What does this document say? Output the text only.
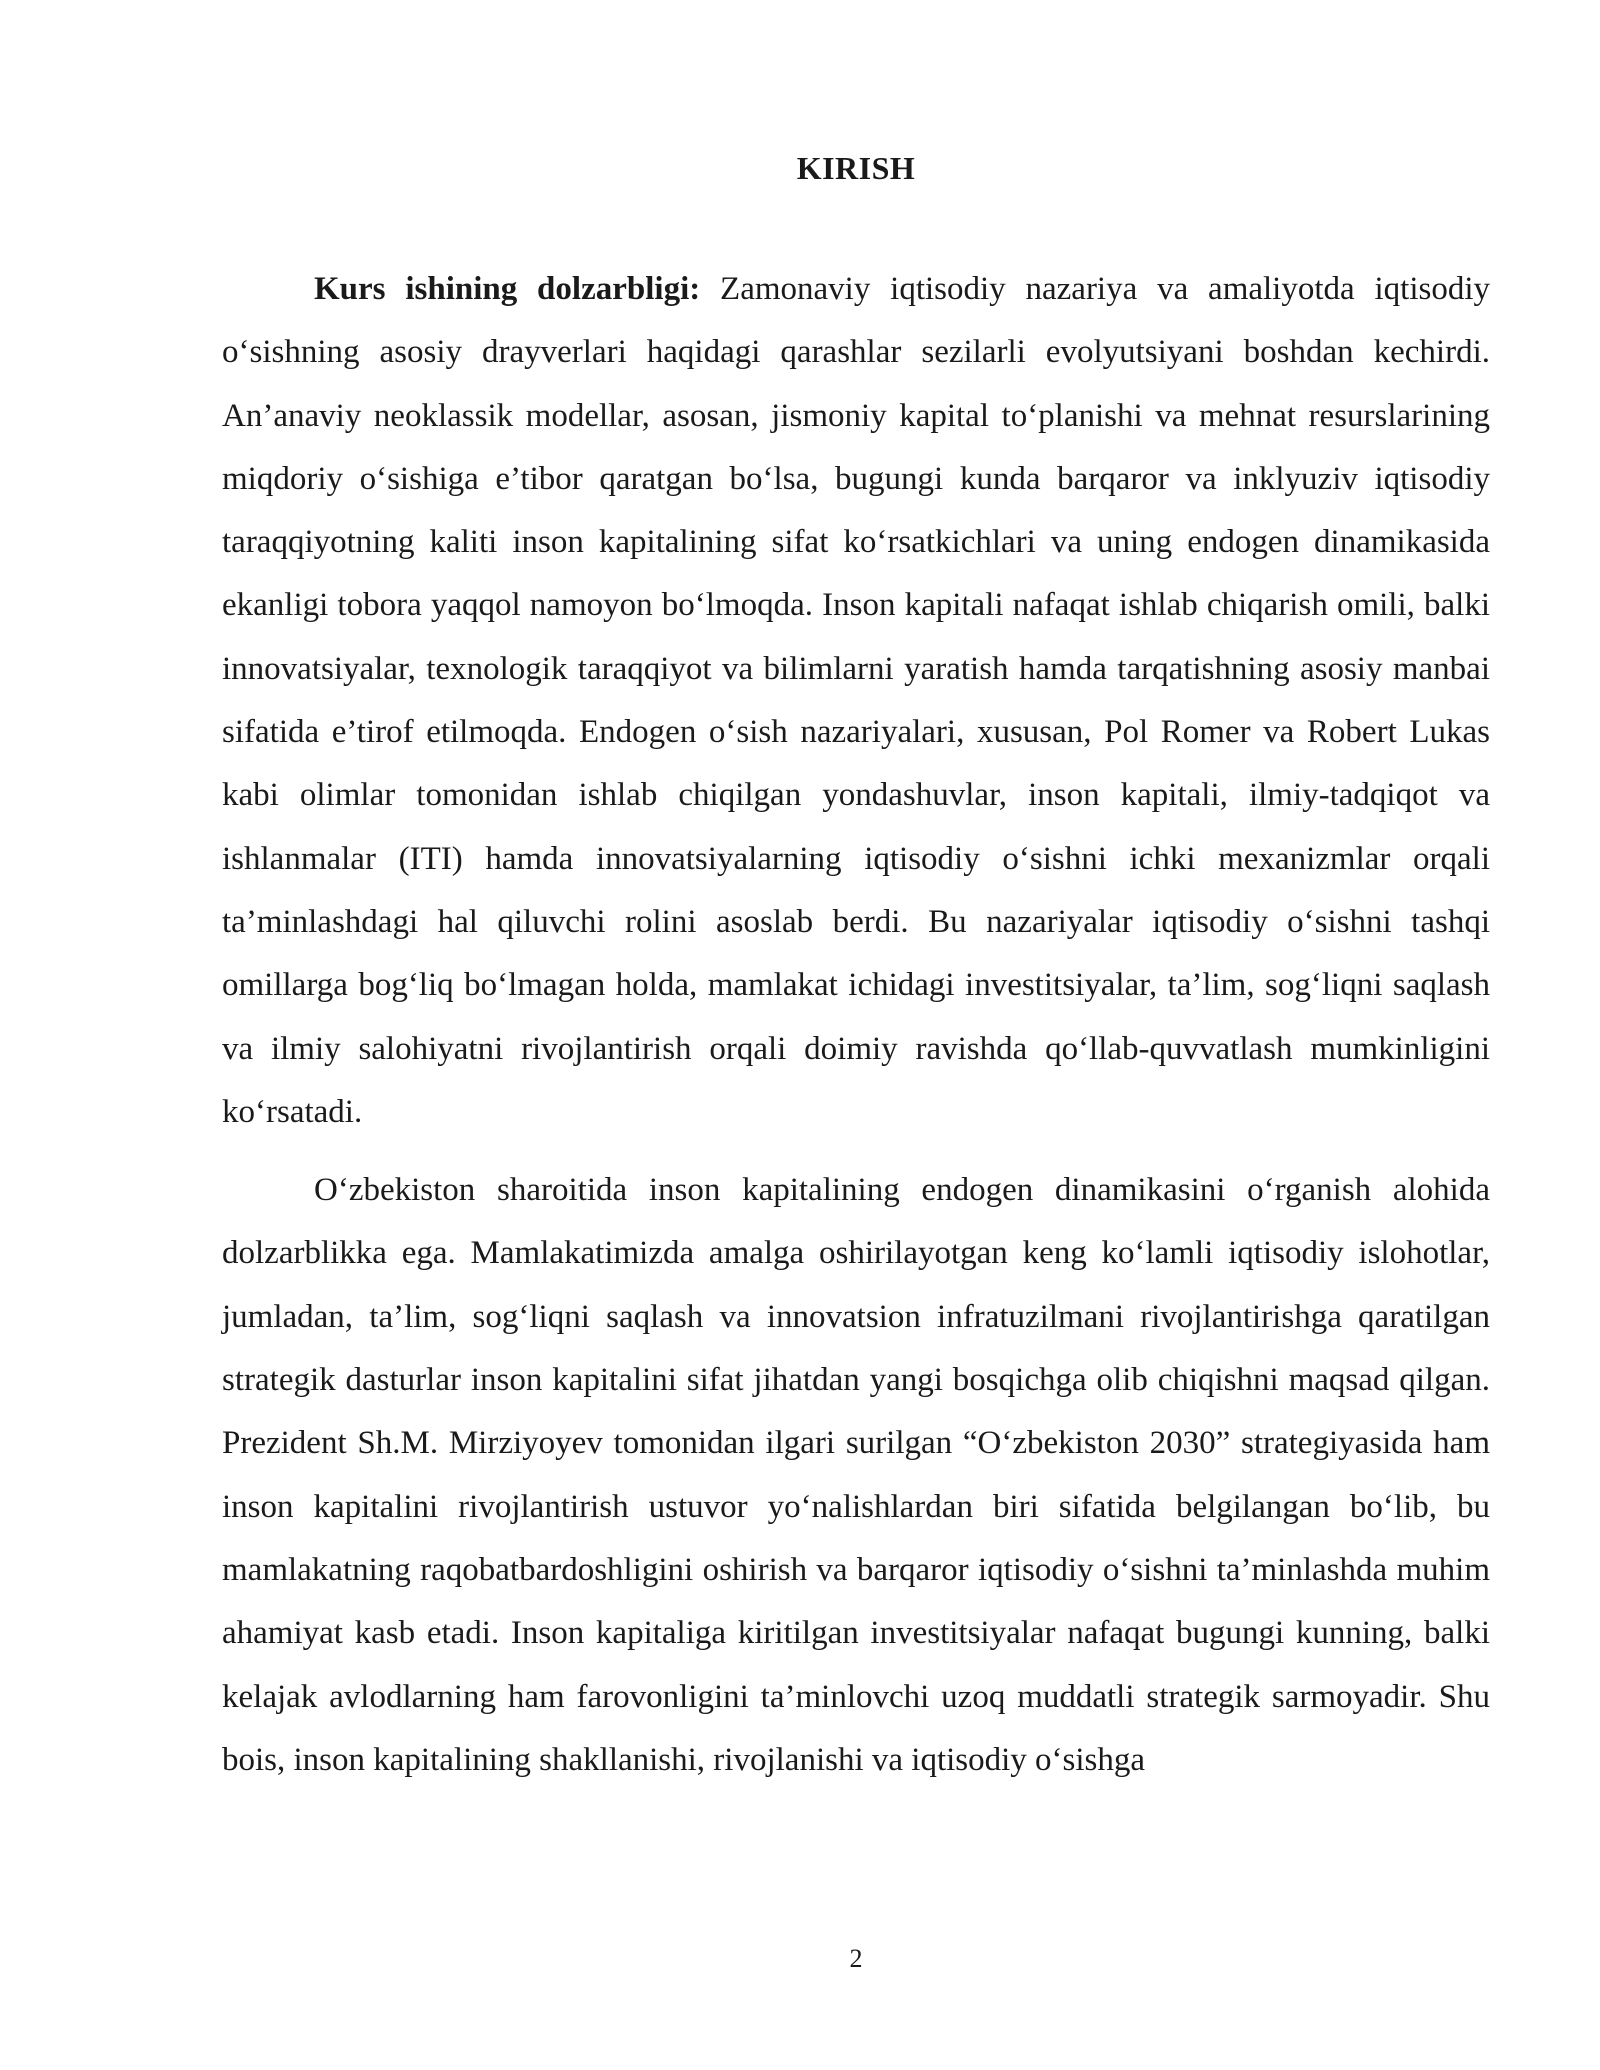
KIRISH

Kurs ishining dolzarbligi: Zamonaviy iqtisodiy nazariya va amaliyotda iqtisodiy o‘sishning asosiy drayverlari haqidagi qarashlar sezilarli evolyutsiyani boshdan kechirdi. An’anaviy neoklassik modellar, asosan, jismoniy kapital to‘planishi va mehnat resurslarining miqdoriy o‘sishiga e’tibor qaratgan bo‘lsa, bugungi kunda barqaror va inklyuziv iqtisodiy taraqqiyotning kaliti inson kapitalining sifat ko‘rsatkichlari va uning endogen dinamikasida ekanligi tobora yaqqol namoyon bo‘lmoqda. Inson kapitali nafaqat ishlab chiqarish omili, balki innovatsiyalar, texnologik taraqqiyot va bilimlarni yaratish hamda tarqatishning asosiy manbai sifatida e’tirof etilmoqda. Endogen o‘sish nazariyalari, xususan, Pol Romer va Robert Lukas kabi olimlar tomonidan ishlab chiqilgan yondashuvlar, inson kapitali, ilmiy-tadqiqot va ishlanmalar (ITI) hamda innovatsiyalarning iqtisodiy o‘sishni ichki mexanizmlar orqali ta’minlashdagi hal qiluvchi rolini asoslab berdi. Bu nazariyalar iqtisodiy o‘sishni tashqi omillarga bog‘liq bo‘lmagan holda, mamlakat ichidagi investitsiyalar, ta’lim, sog‘liqni saqlash va ilmiy salohiyatni rivojlantirish orqali doimiy ravishda qo‘llab-quvvatlash mumkinligini ko‘rsatadi.

O‘zbekiston sharoitida inson kapitalining endogen dinamikasini o‘rganish alohida dolzarblikka ega. Mamlakatimizda amalga oshirilayotgan keng ko‘lamli iqtisodiy islohotlar, jumladan, ta’lim, sog‘liqni saqlash va innovatsion infratuzilmani rivojlantirishga qaratilgan strategik dasturlar inson kapitalini sifat jihatdan yangi bosqichga olib chiqishni maqsad qilgan. Prezident Sh.M. Mirziyoyev tomonidan ilgari surilgan “O‘zbekiston 2030” strategiyasida ham inson kapitalini rivojlantirish ustuvor yo‘nalishlardan biri sifatida belgilangan bo‘lib, bu mamlakatning raqobatbardoshligini oshirish va barqaror iqtisodiy o‘sishni ta’minlashda muhim ahamiyat kasb etadi. Inson kapitaliga kiritilgan investitsiyalar nafaqat bugungi kunning, balki kelajak avlodlarning ham farovonligini ta’minlovchi uzoq muddatli strategik sarmoyadir. Shu bois, inson kapitalining shakllanishi, rivojlanishi va iqtisodiy o‘sishga

2
